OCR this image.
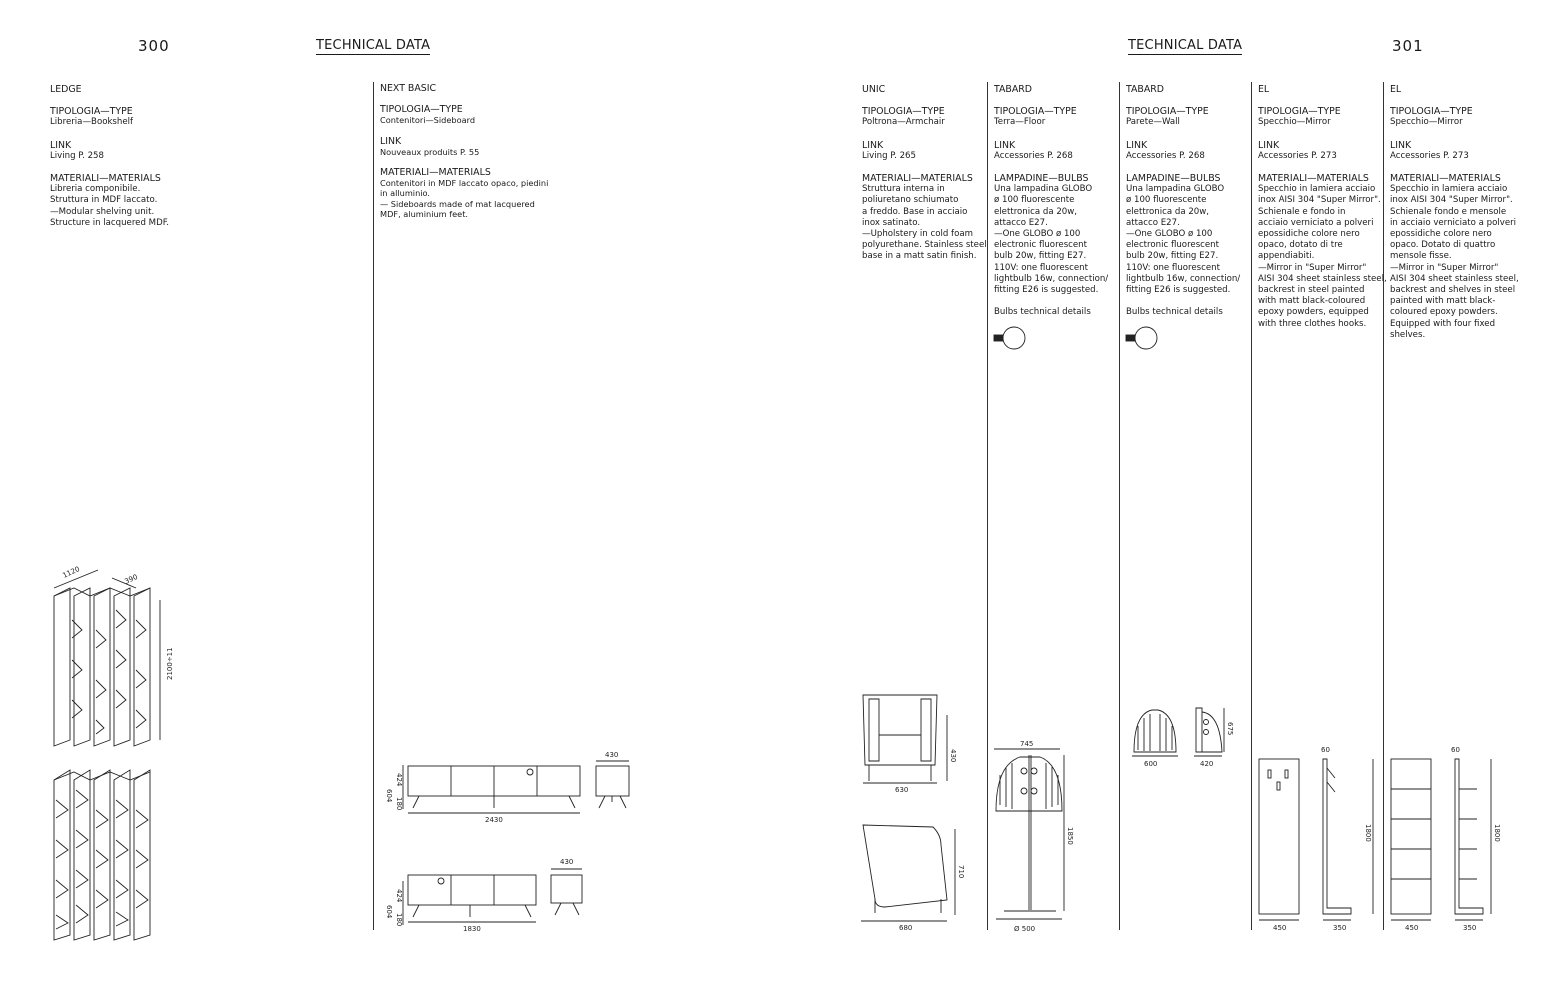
300	TECHNICAL DATA	TECHNICAL DATA	301
LEDGE
TIPOLOGIA—TYPE
Libreria—Bookshelf
LINK
Living P. 258
MATERIALI—MATERIALS
Libreria componibile.
Struttura in MDF laccato.
—Modular shelving unit.
Structure in lacquered MDF.
NEXT BASIC
TIPOLOGIA—TYPE
Contenitori—Sideboard
LINK
Nouveaux produits P. 55
MATERIALI—MATERIALS
Contenitori in MDF laccato opaco, piedini
in alluminio.
— Sideboards made of mat lacquered
MDF, aluminium feet.
UNIC
TIPOLOGIA—TYPE
Poltrona—Armchair
LINK
Living P. 265
MATERIALI—MATERIALS
Struttura interna in
poliuretano schiumato
a freddo. Base in acciaio
inox satinato.
—Upholstery in cold foam
polyurethane. Stainless steel
base in a matt satin finish.
TABARD
TIPOLOGIA—TYPE
Terra—Floor
LINK
Accessories P. 268
LAMPADINE—BULBS
Una lampadina GLOBO
ø 100 fluorescente
elettronica da 20w,
attacco E27.
—One GLOBO ø 100
electronic fluorescent
bulb 20w, fitting E27.
110V: one fluorescent
lightbulb 16w, connection/
fitting E26 is suggested.
Bulbs technical details
TABARD
TIPOLOGIA—TYPE
Parete—Wall
LINK
Accessories P. 268
LAMPADINE—BULBS
Una lampadina GLOBO
ø 100 fluorescente
elettronica da 20w,
attacco E27.
—One GLOBO ø 100
electronic fluorescent
bulb 20w, fitting E27.
110V: one fluorescent
lightbulb 16w, connection/
fitting E26 is suggested.
Bulbs technical details
EL
TIPOLOGIA—TYPE
Specchio—Mirror
LINK
Accessories P. 273
MATERIALI—MATERIALS
Specchio in lamiera acciaio
inox AISI 304 "Super Mirror".
Schienale e fondo in
acciaio verniciato a polveri
epossidiche colore nero
opaco, dotato di tre
appendiabiti.
—Mirror in "Super Mirror"
AISI 304 sheet stainless steel,
backrest in steel painted
with matt black-coloured
epoxy powders, equipped
with three clothes hooks.
EL
TIPOLOGIA—TYPE
Specchio—Mirror
LINK
Accessories P. 273
MATERIALI—MATERIALS
Specchio in lamiera acciaio
inox AISI 304 "Super Mirror".
Schienale fondo e mensole
in acciaio verniciato a polveri
epossidiche colore nero
opaco. Dotato di quattro
mensole fisse.
—Mirror in "Super Mirror"
AISI 304 sheet stainless steel,
backrest and shelves in steel
painted with matt black-
coloured epoxy powders.
Equipped with four fixed
shelves.
1120	390
2100÷11
604
424
180
2430
430
604
424
180
1830
430
630
430
680
710
745
1850
Ø 500
600	420
675
450
60
350
1800
450
60
350
1800
